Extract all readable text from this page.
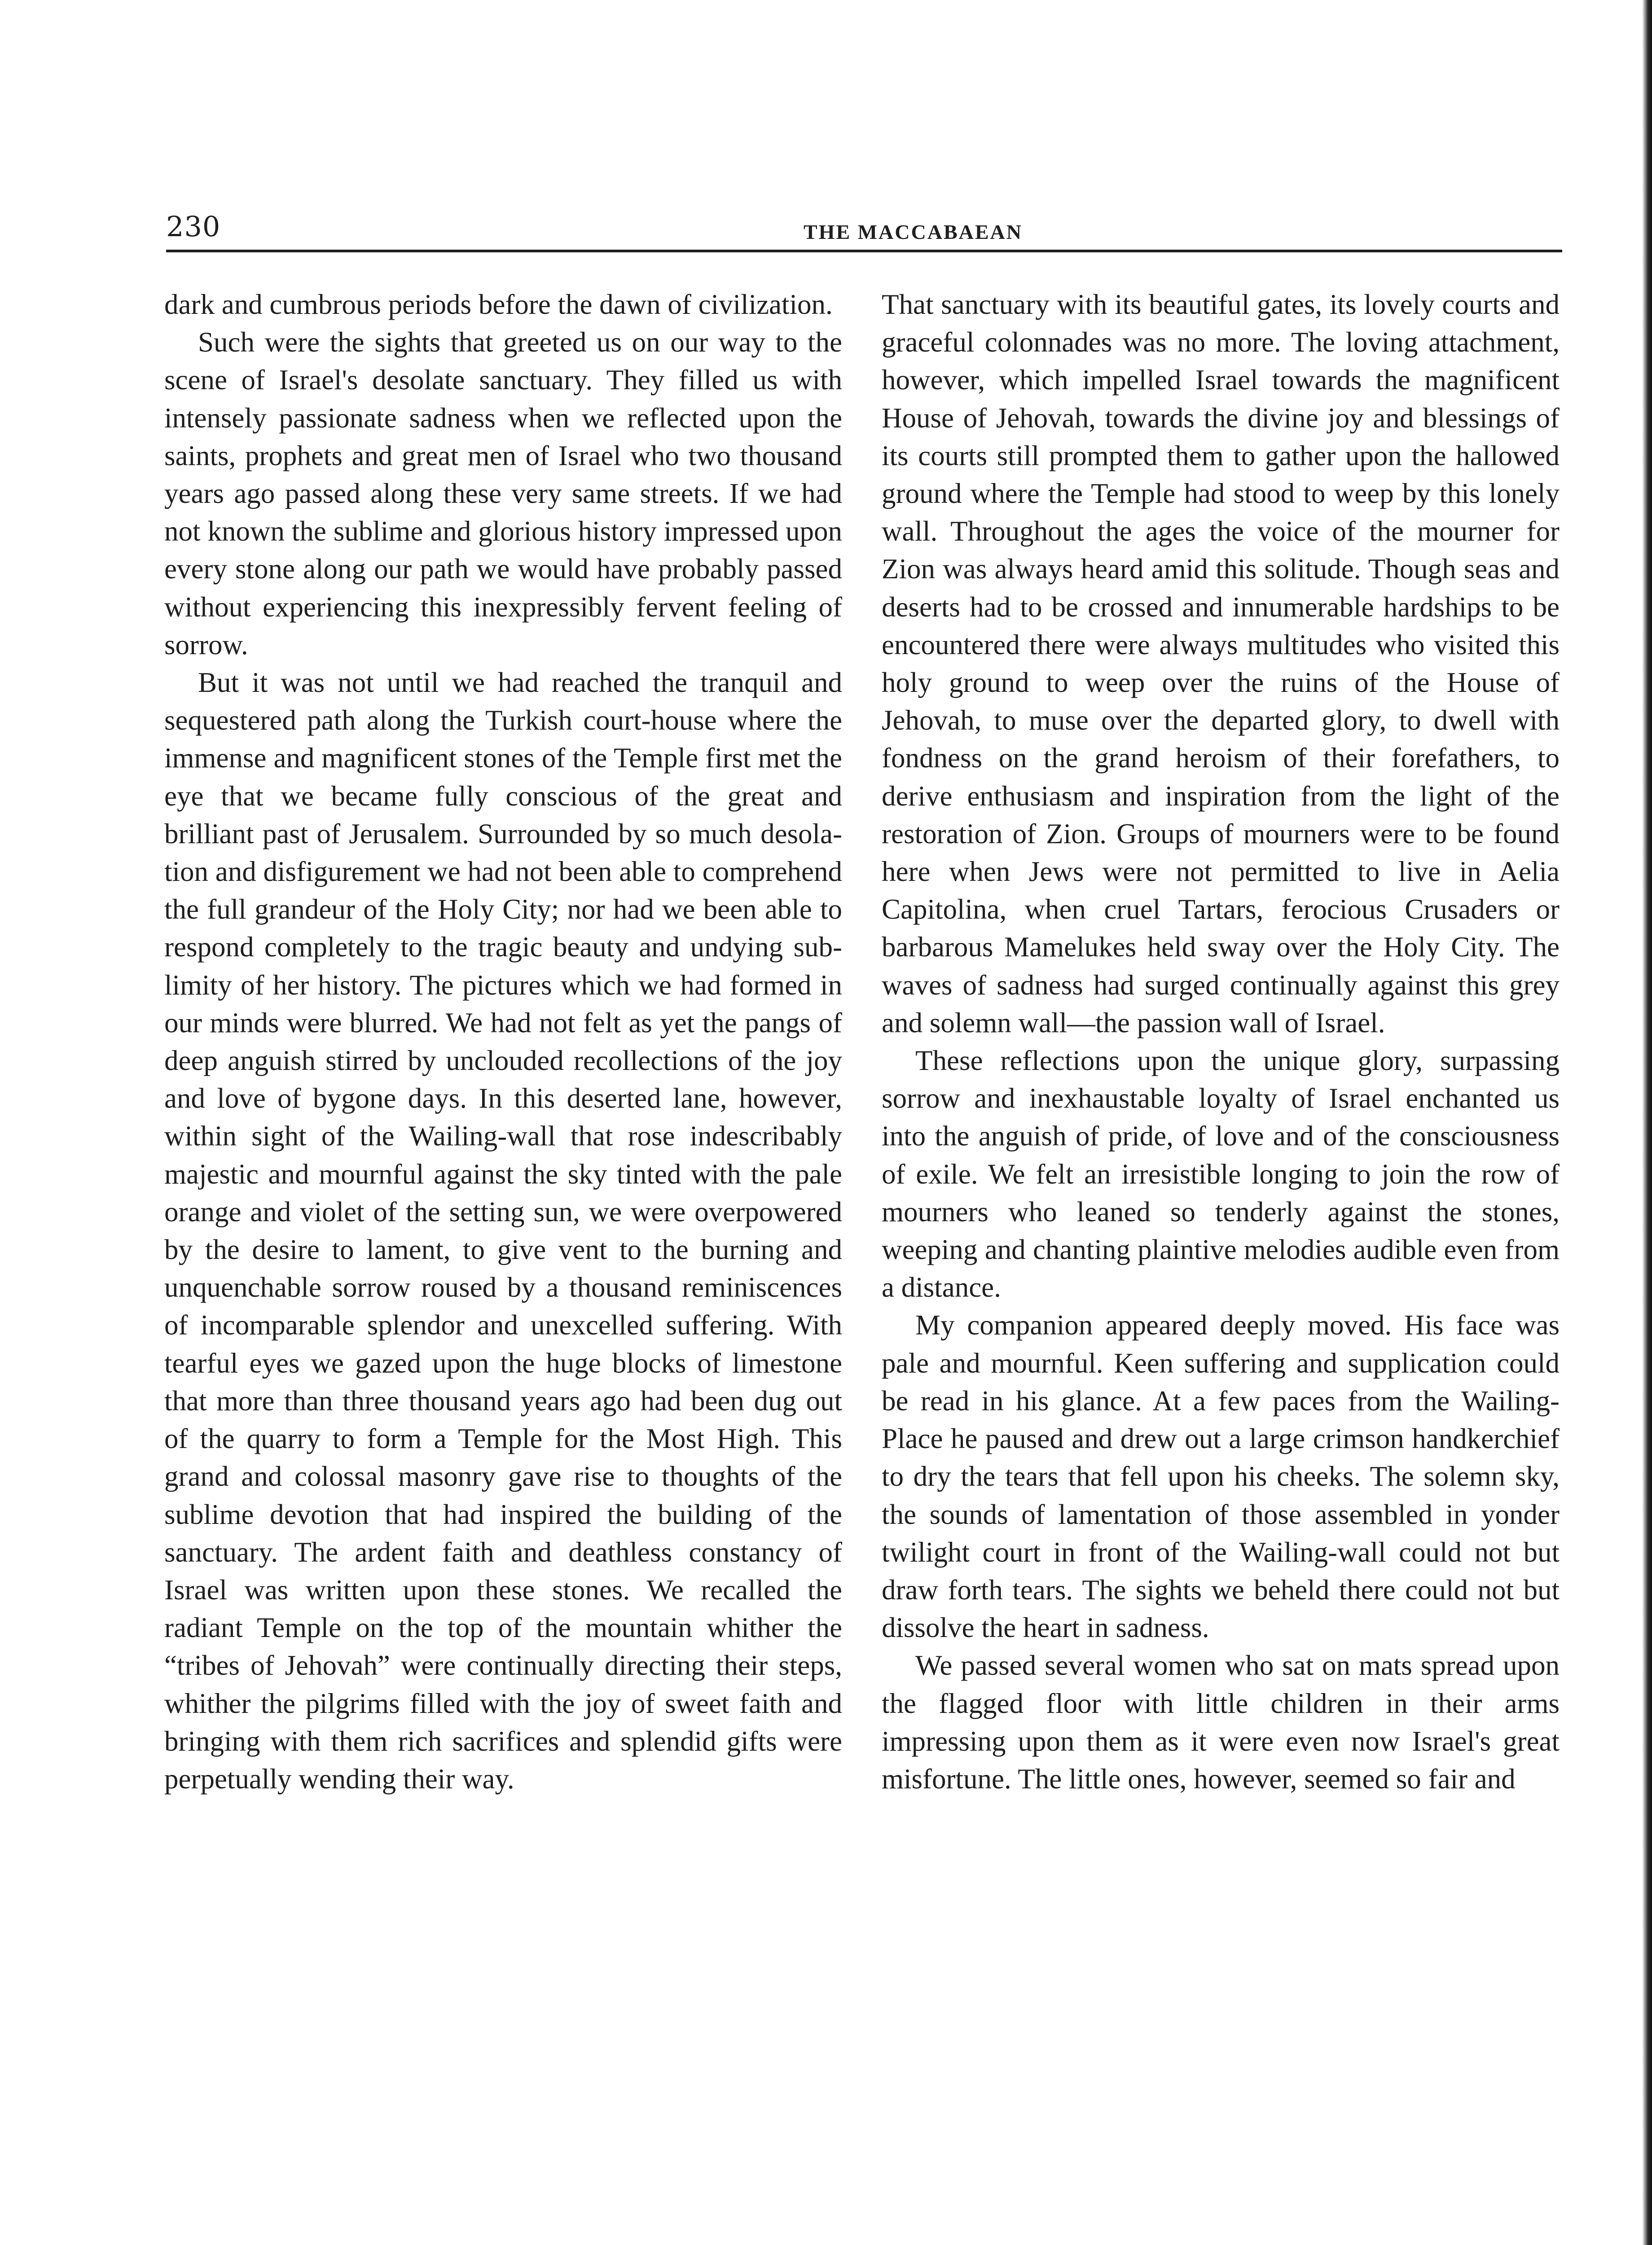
230	THE MACCABAEAN

dark and cumbrous periods before the dawn of civilization.

Such were the sights that greeted us on our way to the scene of Israel's desolate sanctuary. They filled us with intensely passionate sadness when we reflected upon the saints, prophets and great men of Israel who two thousand years ago passed along these very same streets. If we had not known the sublime and glorious history impressed upon every stone along our path we would have probably passed without experiencing this inexpressibly fervent feeling of sorrow.

But it was not until we had reached the tranquil and sequestered path along the Turkish court-house where the immense and magnificent stones of the Temple first met the eye that we became fully conscious of the great and brilliant past of Jerusalem. Surrounded by so much desolation and disfigurement we had not been able to comprehend the full grandeur of the Holy City; nor had we been able to respond completely to the tragic beauty and undying sublimity of her history. The pictures which we had formed in our minds were blurred. We had not felt as yet the pangs of deep anguish stirred by unclouded recollections of the joy and love of bygone days. In this deserted lane, however, within sight of the Wailing-wall that rose indescribably majestic and mournful against the sky tinted with the pale orange and violet of the setting sun, we were overpowered by the desire to lament, to give vent to the burning and unquenchable sorrow roused by a thousand reminiscences of incomparable splendor and unexcelled suffering. With tearful eyes we gazed upon the huge blocks of limestone that more than three thousand years ago had been dug out of the quarry to form a Temple for the Most High. This grand and colossal masonry gave rise to thoughts of the sublime devotion that had inspired the building of the sanctuary. The ardent faith and deathless constancy of Israel was written upon these stones. We recalled the radiant Temple on the top of the mountain whither the “tribes of Jehovah” were continually directing their steps, whither the pilgrims filled with the joy of sweet faith and bringing with them rich sacrifices and splendid gifts were perpetually wending their way.

That sanctuary with its beautiful gates, its lovely courts and graceful colonnades was no more. The loving attachment, however, which impelled Israel towards the magnificent House of Jehovah, towards the divine joy and blessings of its courts still prompted them to gather upon the hallowed ground where the Temple had stood to weep by this lonely wall. Throughout the ages the voice of the mourner for Zion was always heard amid this solitude. Though seas and deserts had to be crossed and innumerable hardships to be encountered there were always multitudes who visited this holy ground to weep over the ruins of the House of Jehovah, to muse over the departed glory, to dwell with fondness on the grand heroism of their forefathers, to derive enthusiasm and inspiration from the light of the restoration of Zion. Groups of mourners were to be found here when Jews were not permitted to live in Aelia Capitolina, when cruel Tartars, ferocious Crusaders or barbarous Mamelukes held sway over the Holy City. The waves of sadness had surged continually against this grey and solemn wall—the passion wall of Israel.

These reflections upon the unique glory, surpassing sorrow and inexhaustable loyalty of Israel enchanted us into the anguish of pride, of love and of the consciousness of exile. We felt an irresistible longing to join the row of mourners who leaned so tenderly against the stones, weeping and chanting plaintive melodies audible even from a distance.

My companion appeared deeply moved. His face was pale and mournful. Keen suffering and supplication could be read in his glance. At a few paces from the Wailing-Place he paused and drew out a large crimson handkerchief to dry the tears that fell upon his cheeks. The solemn sky, the sounds of lamentation of those assembled in yonder twilight court in front of the Wailing-wall could not but draw forth tears. The sights we beheld there could not but dissolve the heart in sadness.

We passed several women who sat on mats spread upon the flagged floor with little children in their arms impressing upon them as it were even now Israel's great misfortune. The little ones, however, seemed so fair and
